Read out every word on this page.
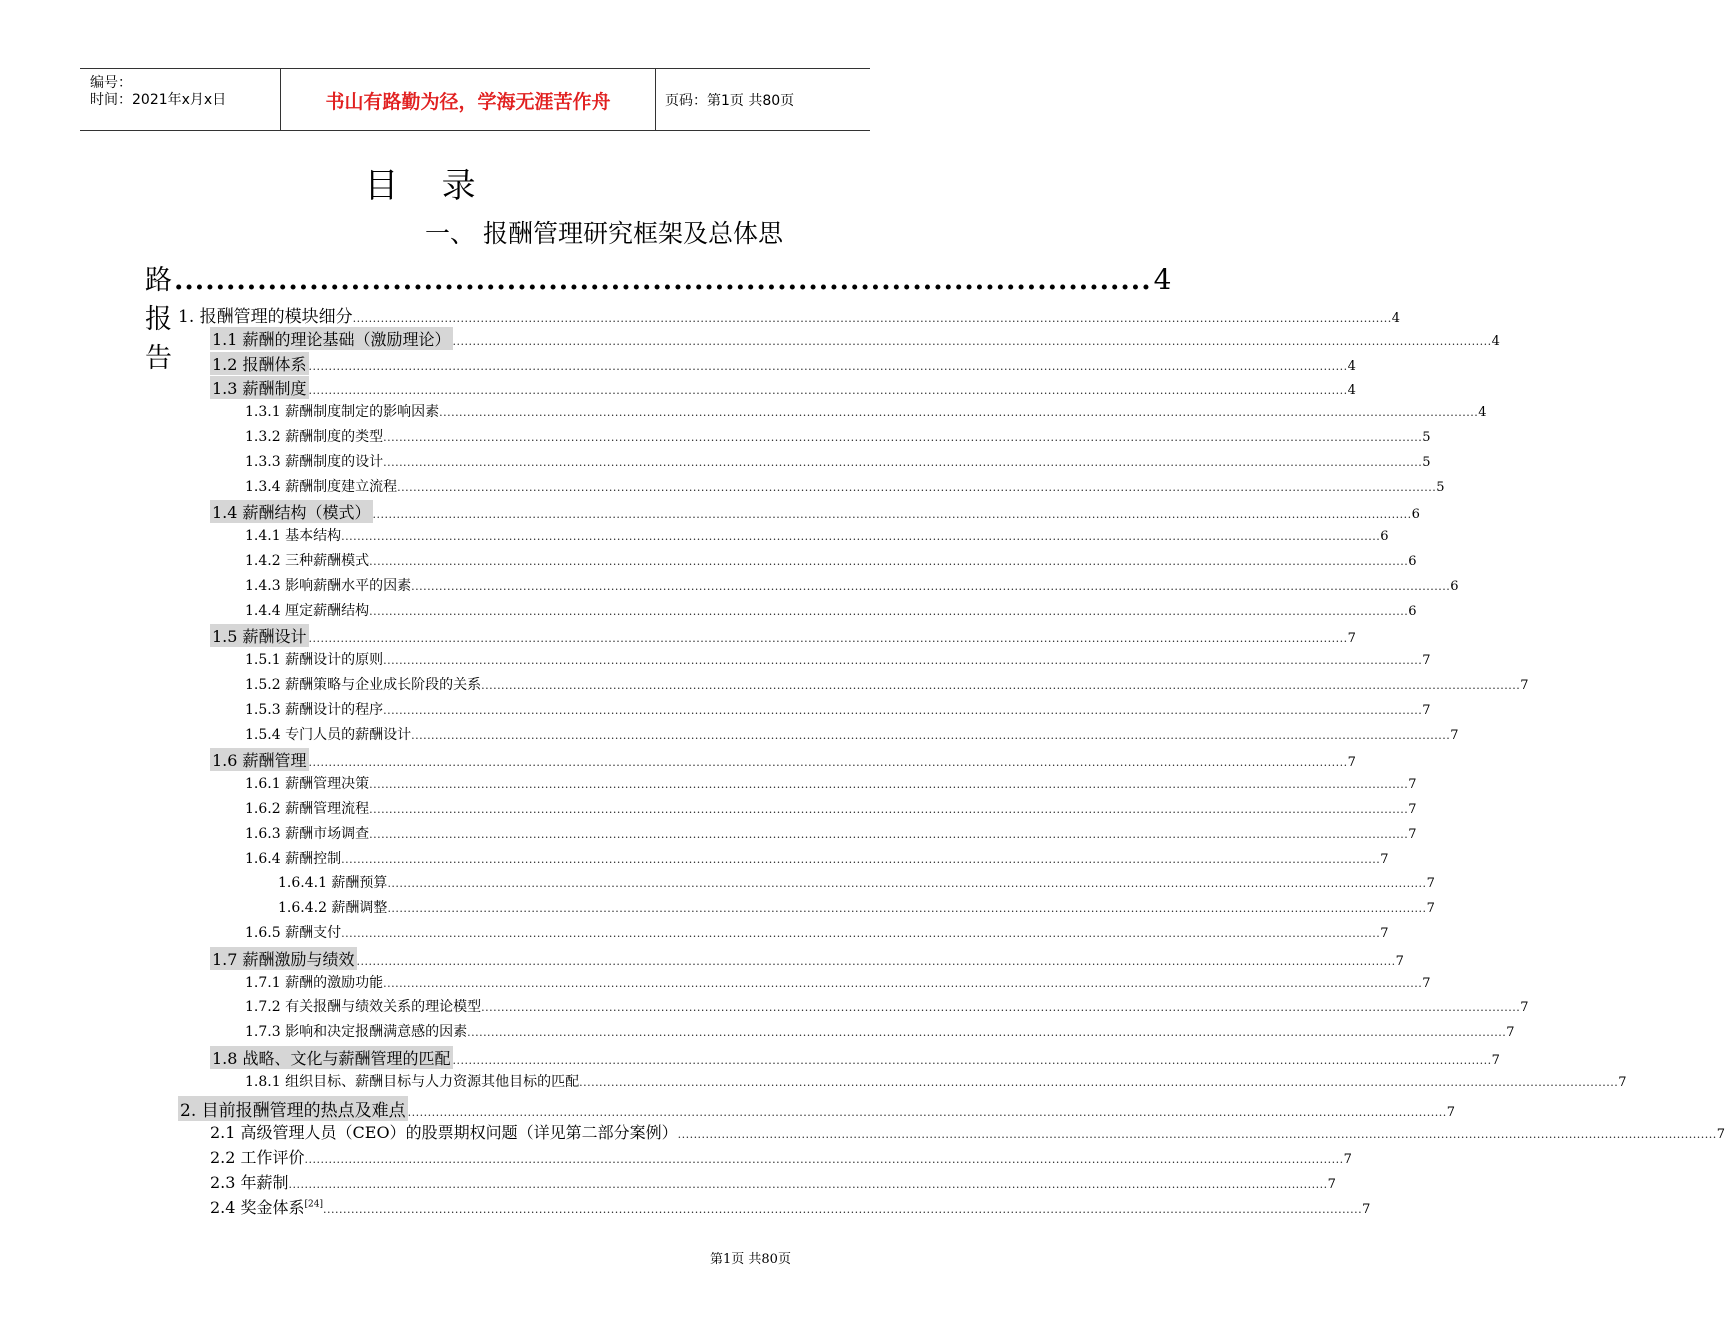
编号：
时间：2021年x月x日	书山有路勤为径，学海无涯苦作舟	页码：第1页 共80页
目    录
一、 报酬管理研究框架及总体思
路报告
.............................................................................................. 4
1. 报酬管理的模块细分 .................................................................................................................................................................................................................................................................... 4
1.1 薪酬的理论基础（激励理论） .................................................................................................................................................................................................................................................................... 4
1.2 报酬体系 .................................................................................................................................................................................................................................................................... 4
1.3 薪酬制度 .................................................................................................................................................................................................................................................................... 4
1.3.1 薪酬制度制定的影响因素 .................................................................................................................................................................................................................................................................... 4
1.3.2 薪酬制度的类型 .................................................................................................................................................................................................................................................................... 5
1.3.3 薪酬制度的设计 .................................................................................................................................................................................................................................................................... 5
1.3.4 薪酬制度建立流程 .................................................................................................................................................................................................................................................................... 5
1.4 薪酬结构（模式） .................................................................................................................................................................................................................................................................... 6
1.4.1 基本结构 .................................................................................................................................................................................................................................................................... 6
1.4.2 三种薪酬模式 .................................................................................................................................................................................................................................................................... 6
1.4.3 影响薪酬水平的因素 .................................................................................................................................................................................................................................................................... 6
1.4.4 厘定薪酬结构 .................................................................................................................................................................................................................................................................... 6
1.5 薪酬设计 .................................................................................................................................................................................................................................................................... 7
1.5.1 薪酬设计的原则 .................................................................................................................................................................................................................................................................... 7
1.5.2 薪酬策略与企业成长阶段的关系 .................................................................................................................................................................................................................................................................... 7
1.5.3 薪酬设计的程序 .................................................................................................................................................................................................................................................................... 7
1.5.4 专门人员的薪酬设计 .................................................................................................................................................................................................................................................................... 7
1.6 薪酬管理 .................................................................................................................................................................................................................................................................... 7
1.6.1 薪酬管理决策 .................................................................................................................................................................................................................................................................... 7
1.6.2 薪酬管理流程 .................................................................................................................................................................................................................................................................... 7
1.6.3 薪酬市场调查 .................................................................................................................................................................................................................................................................... 7
1.6.4 薪酬控制 .................................................................................................................................................................................................................................................................... 7
1.6.4.1 薪酬预算 .................................................................................................................................................................................................................................................................... 7
1.6.4.2 薪酬调整 .................................................................................................................................................................................................................................................................... 7
1.6.5 薪酬支付 .................................................................................................................................................................................................................................................................... 7
1.7 薪酬激励与绩效 .................................................................................................................................................................................................................................................................... 7
1.7.1 薪酬的激励功能 .................................................................................................................................................................................................................................................................... 7
1.7.2 有关报酬与绩效关系的理论模型 .................................................................................................................................................................................................................................................................... 7
1.7.3 影响和决定报酬满意感的因素 .................................................................................................................................................................................................................................................................... 7
1.8 战略、文化与薪酬管理的匹配 .................................................................................................................................................................................................................................................................... 7
1.8.1 组织目标、薪酬目标与人力资源其他目标的匹配 .................................................................................................................................................................................................................................................................... 7
2. 目前报酬管理的热点及难点 .................................................................................................................................................................................................................................................................... 7
2.1 高级管理人员（CEO）的股票期权问题（详见第二部分案例） .................................................................................................................................................................................................................................................................... 7
2.2 工作评价 .................................................................................................................................................................................................................................................................... 7
2.3 年薪制 .................................................................................................................................................................................................................................................................... 7
2.4 奖金体系[24] .................................................................................................................................................................................................................................................................... 7
第1页 共80页
